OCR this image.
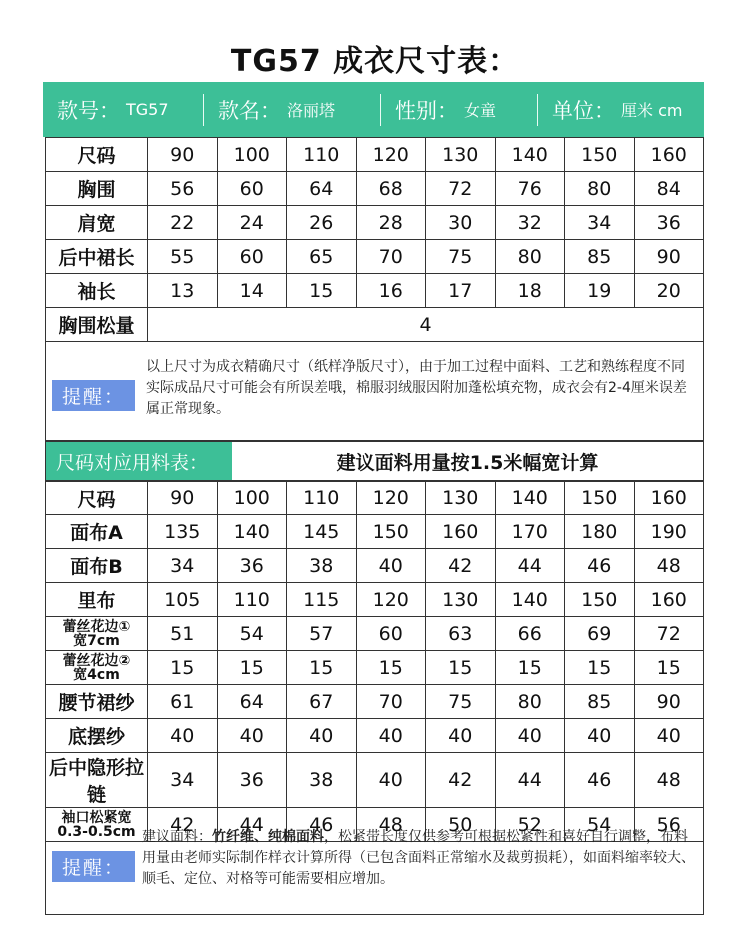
TG57 成衣尺寸表：
款号： TG57 款名： 洛丽塔	性别： 女童	单位： 厘米 cm
尺码	90	100	110	120	130	140	150	160
胸围	56	60	64	68	72	76	80	84
肩宽	22	24	26	28	30	32	34	36
后中裙长	55	60	65	70	75	80	85	90
袖长	13	14	15	16	17	18	19	20
胸围松量	4							
提醒：
以上尺寸为成衣精确尺寸（纸样净版尺寸），由于加工过程中面料、工艺和熟练程度不同实际成品尺寸可能会有所误差哦，棉服羽绒服因附加蓬松填充物，成衣会有2-4厘米误差属正常现象。
尺码对应用料表：	建议面料用量按1.5米幅宽计算
尺码	90	100	110	120	130	140	150	160
面布A	135	140	145	150	160	170	180	190
面布B	34	36	38	40	42	44	46	48
里布	105	110	115	120	130	140	150	160
蕾丝花边①
宽7cm	51	54	57	60	63	66	69	72
蕾丝花边②
宽4cm	15	15	15	15	15	15	15	15
腰节裙纱	61	64	67	70	75	80	85	90
底摆纱	40	40	40	40	40	40	40	40
后中隐形拉链	34	36	38	40	42	44	46	48
袖口松紧宽
0.3-0.5cm	42	44	46	48	50	52	54	56
提醒：
建议面料：竹纤维、纯棉面料，松紧带长度仅供参考可根据松紧性和喜好自行调整，布料用量由老师实际制作样衣计算所得（已包含面料正常缩水及裁剪损耗），如面料缩率较大、顺毛、定位、对格等可能需要相应增加。
